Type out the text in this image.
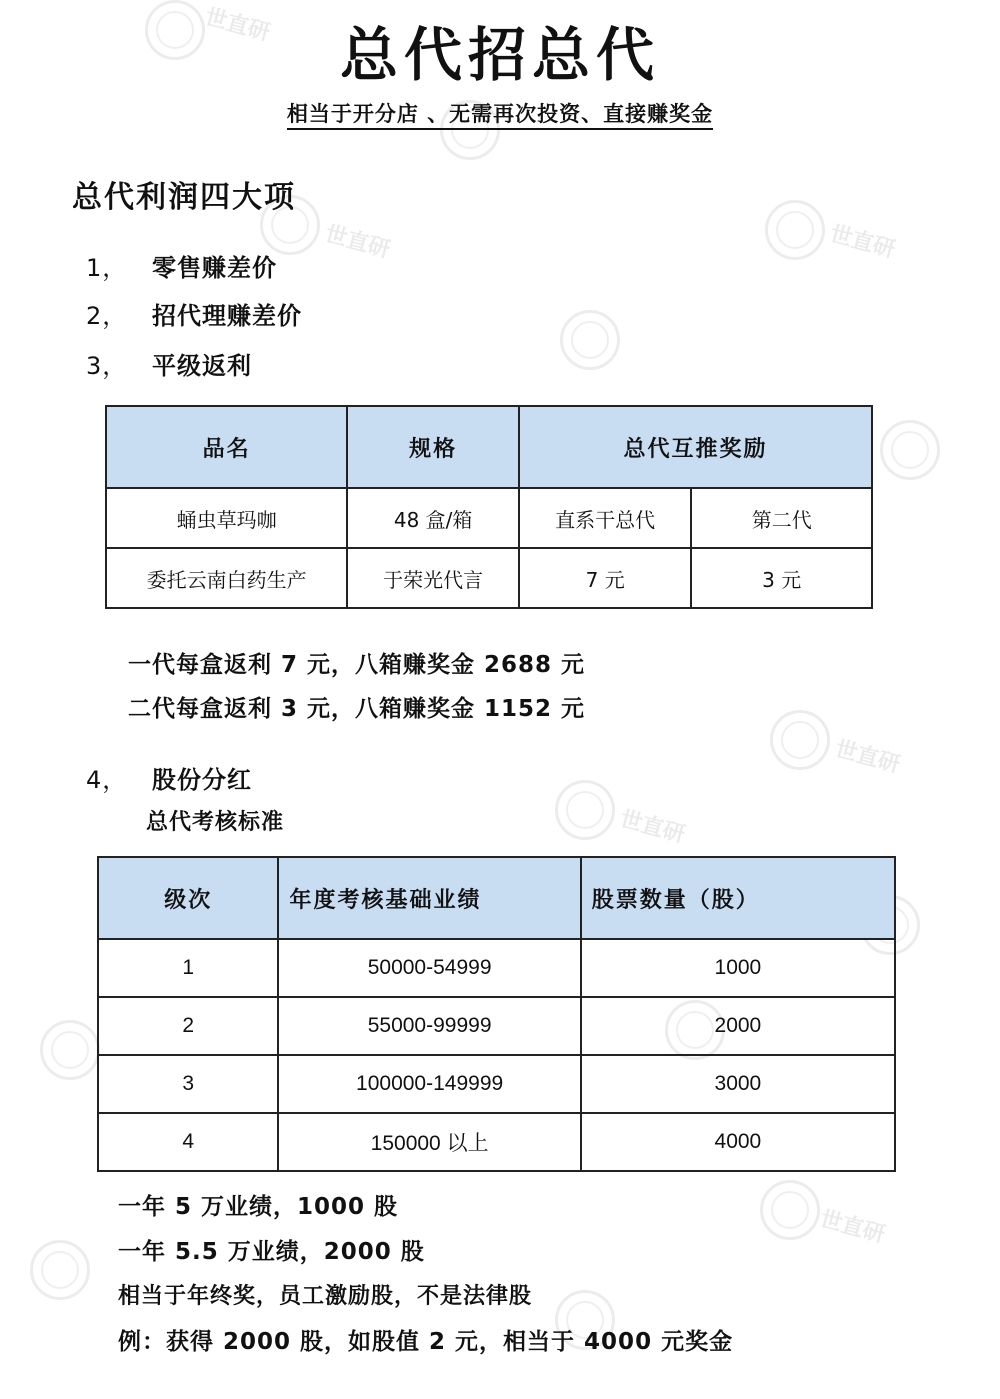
世直研
世直研
世直研
世直研
世直研
世直研
总代招总代
相当于开分店 、无需再次投资、直接赚奖金
总代利润四大项
1， 零售赚差价
2， 招代理赚差价
3， 平级返利
品名	规格	总代互推奖励	
蛹虫草玛咖	48 盒/箱	直系干总代	第二代
委托云南白药生产	于荣光代言	7 元	3 元
一代每盒返利 7 元，八箱赚奖金 2688 元
二代每盒返利 3 元，八箱赚奖金 1152 元
4， 股份分红
总代考核标准
级次	年度考核基础业绩	股票数量（股）
1	50000-54999	1000
2	55000-99999	2000
3	100000-149999	3000
4	150000 以上	4000
一年 5 万业绩，1000 股
一年 5.5 万业绩，2000 股
相当于年终奖，员工激励股，不是法律股
例：获得 2000 股，如股值 2 元，相当于 4000 元奖金
